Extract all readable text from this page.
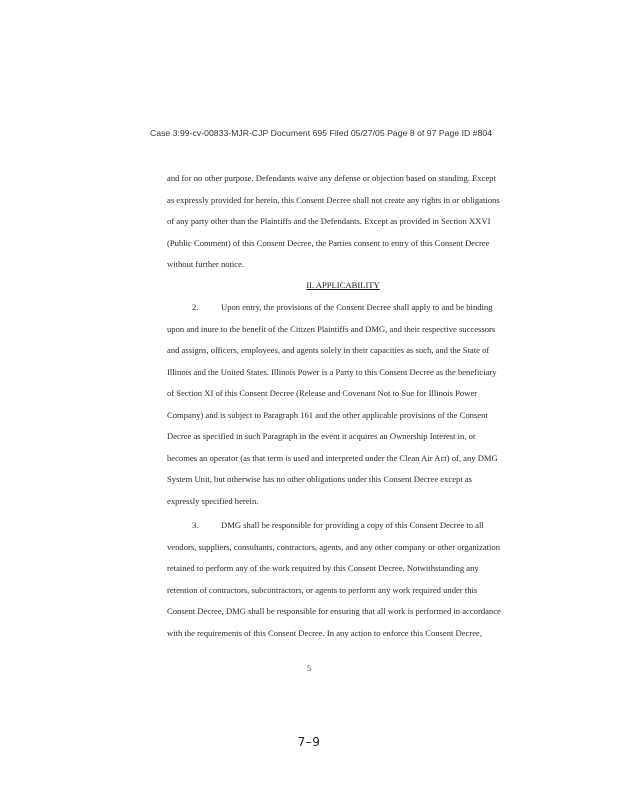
Case 3:99-cv-00833-MJR-CJP Document 695 Filed 05/27/05 Page 8 of 97 Page ID #804
and for no other purpose. Defendants waive any defense or objection based on standing. Except
as expressly provided for herein, this Consent Decree shall not create any rights in or obligations
of any party other than the Plaintiffs and the Defendants. Except as provided in Section XXVI
(Public Comment) of this Consent Decree, the Parties consent to entry of this Consent Decree
without further notice.
II. APPLICABILITY
2.	Upon entry, the provisions of the Consent Decree shall apply to and be binding
upon and inure to the benefit of the Citizen Plaintiffs and DMG, and their respective successors
and assigns, officers, employees, and agents solely in their capacities as such, and the State of
Illinois and the United States. Illinois Power is a Party to this Consent Decree as the beneficiary
of Section XI of this Consent Decree (Release and Covenant Not to Sue for Illinois Power
Company) and is subject to Paragraph 161 and the other applicable provisions of the Consent
Decree as specified in such Paragraph in the event it acquires an Ownership Interest in, or
becomes an operator (as that term is used and interpreted under the Clean Air Act) of, any DMG
System Unit, but otherwise has no other obligations under this Consent Decree except as
expressly specified herein.
3.	DMG shall be responsible for providing a copy of this Consent Decree to all
vendors, suppliers, consultants, contractors, agents, and any other company or other organization
retained to perform any of the work required by this Consent Decree. Notwithstanding any
retention of contractors, subcontractors, or agents to perform any work required under this
Consent Decree, DMG shall be responsible for ensuring that all work is performed in accordance
with the requirements of this Consent Decree. In any action to enforce this Consent Decree,
5
7–9
